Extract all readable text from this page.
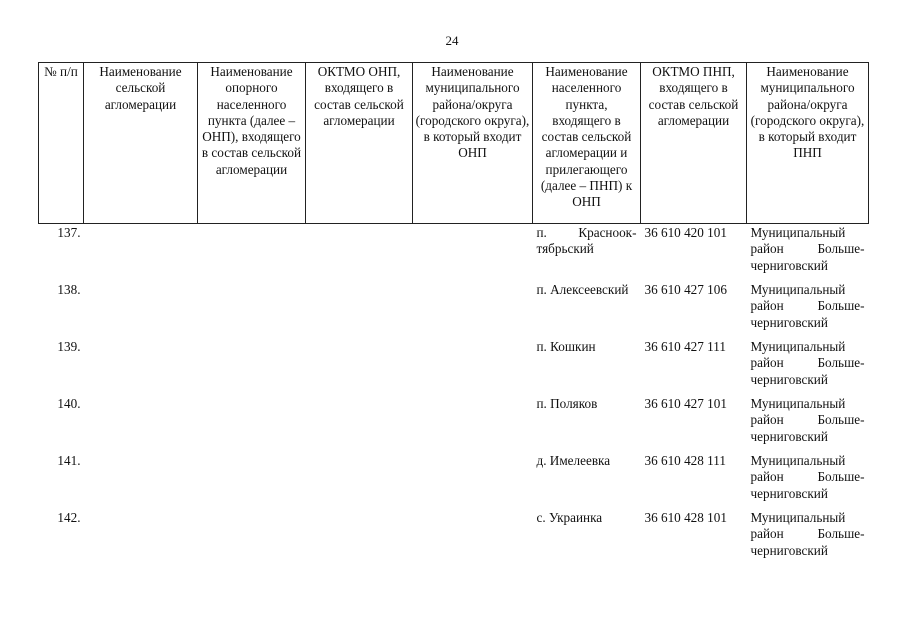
24
№ п/п	Наименование сельской агломерации	Наименование опорного населенного пункта (далее – ОНП), входящего в состав сельской агломерации	ОКТМО ОНП, входящего в состав сельской агломерации	Наименование муниципального района/округа (городского округа), в который входит ОНП	Наименование населенного пункта, входящего в состав сельской агломерации и прилегающего (далее – ПНП) к ОНП	ОКТМО ПНП, входящего в состав сельской агломерации	Наименование муниципального района/округа (городского округа), в который входит ПНП
137.					п. Краснооктябрьский	36 610 420 101	Муниципальный район Большечерниговский
138.					п. Алексеевский	36 610 427 106	Муниципальный район Большечерниговский
139.					п. Кошкин	36 610 427 111	Муниципальный район Большечерниговский
140.					п. Поляков	36 610 427 101	Муниципальный район Большечерниговский
141.					д. Имелеевка	36 610 428 111	Муниципальный район Большечерниговский
142.					с. Украинка	36 610 428 101	Муниципальный район Большечерниговский
